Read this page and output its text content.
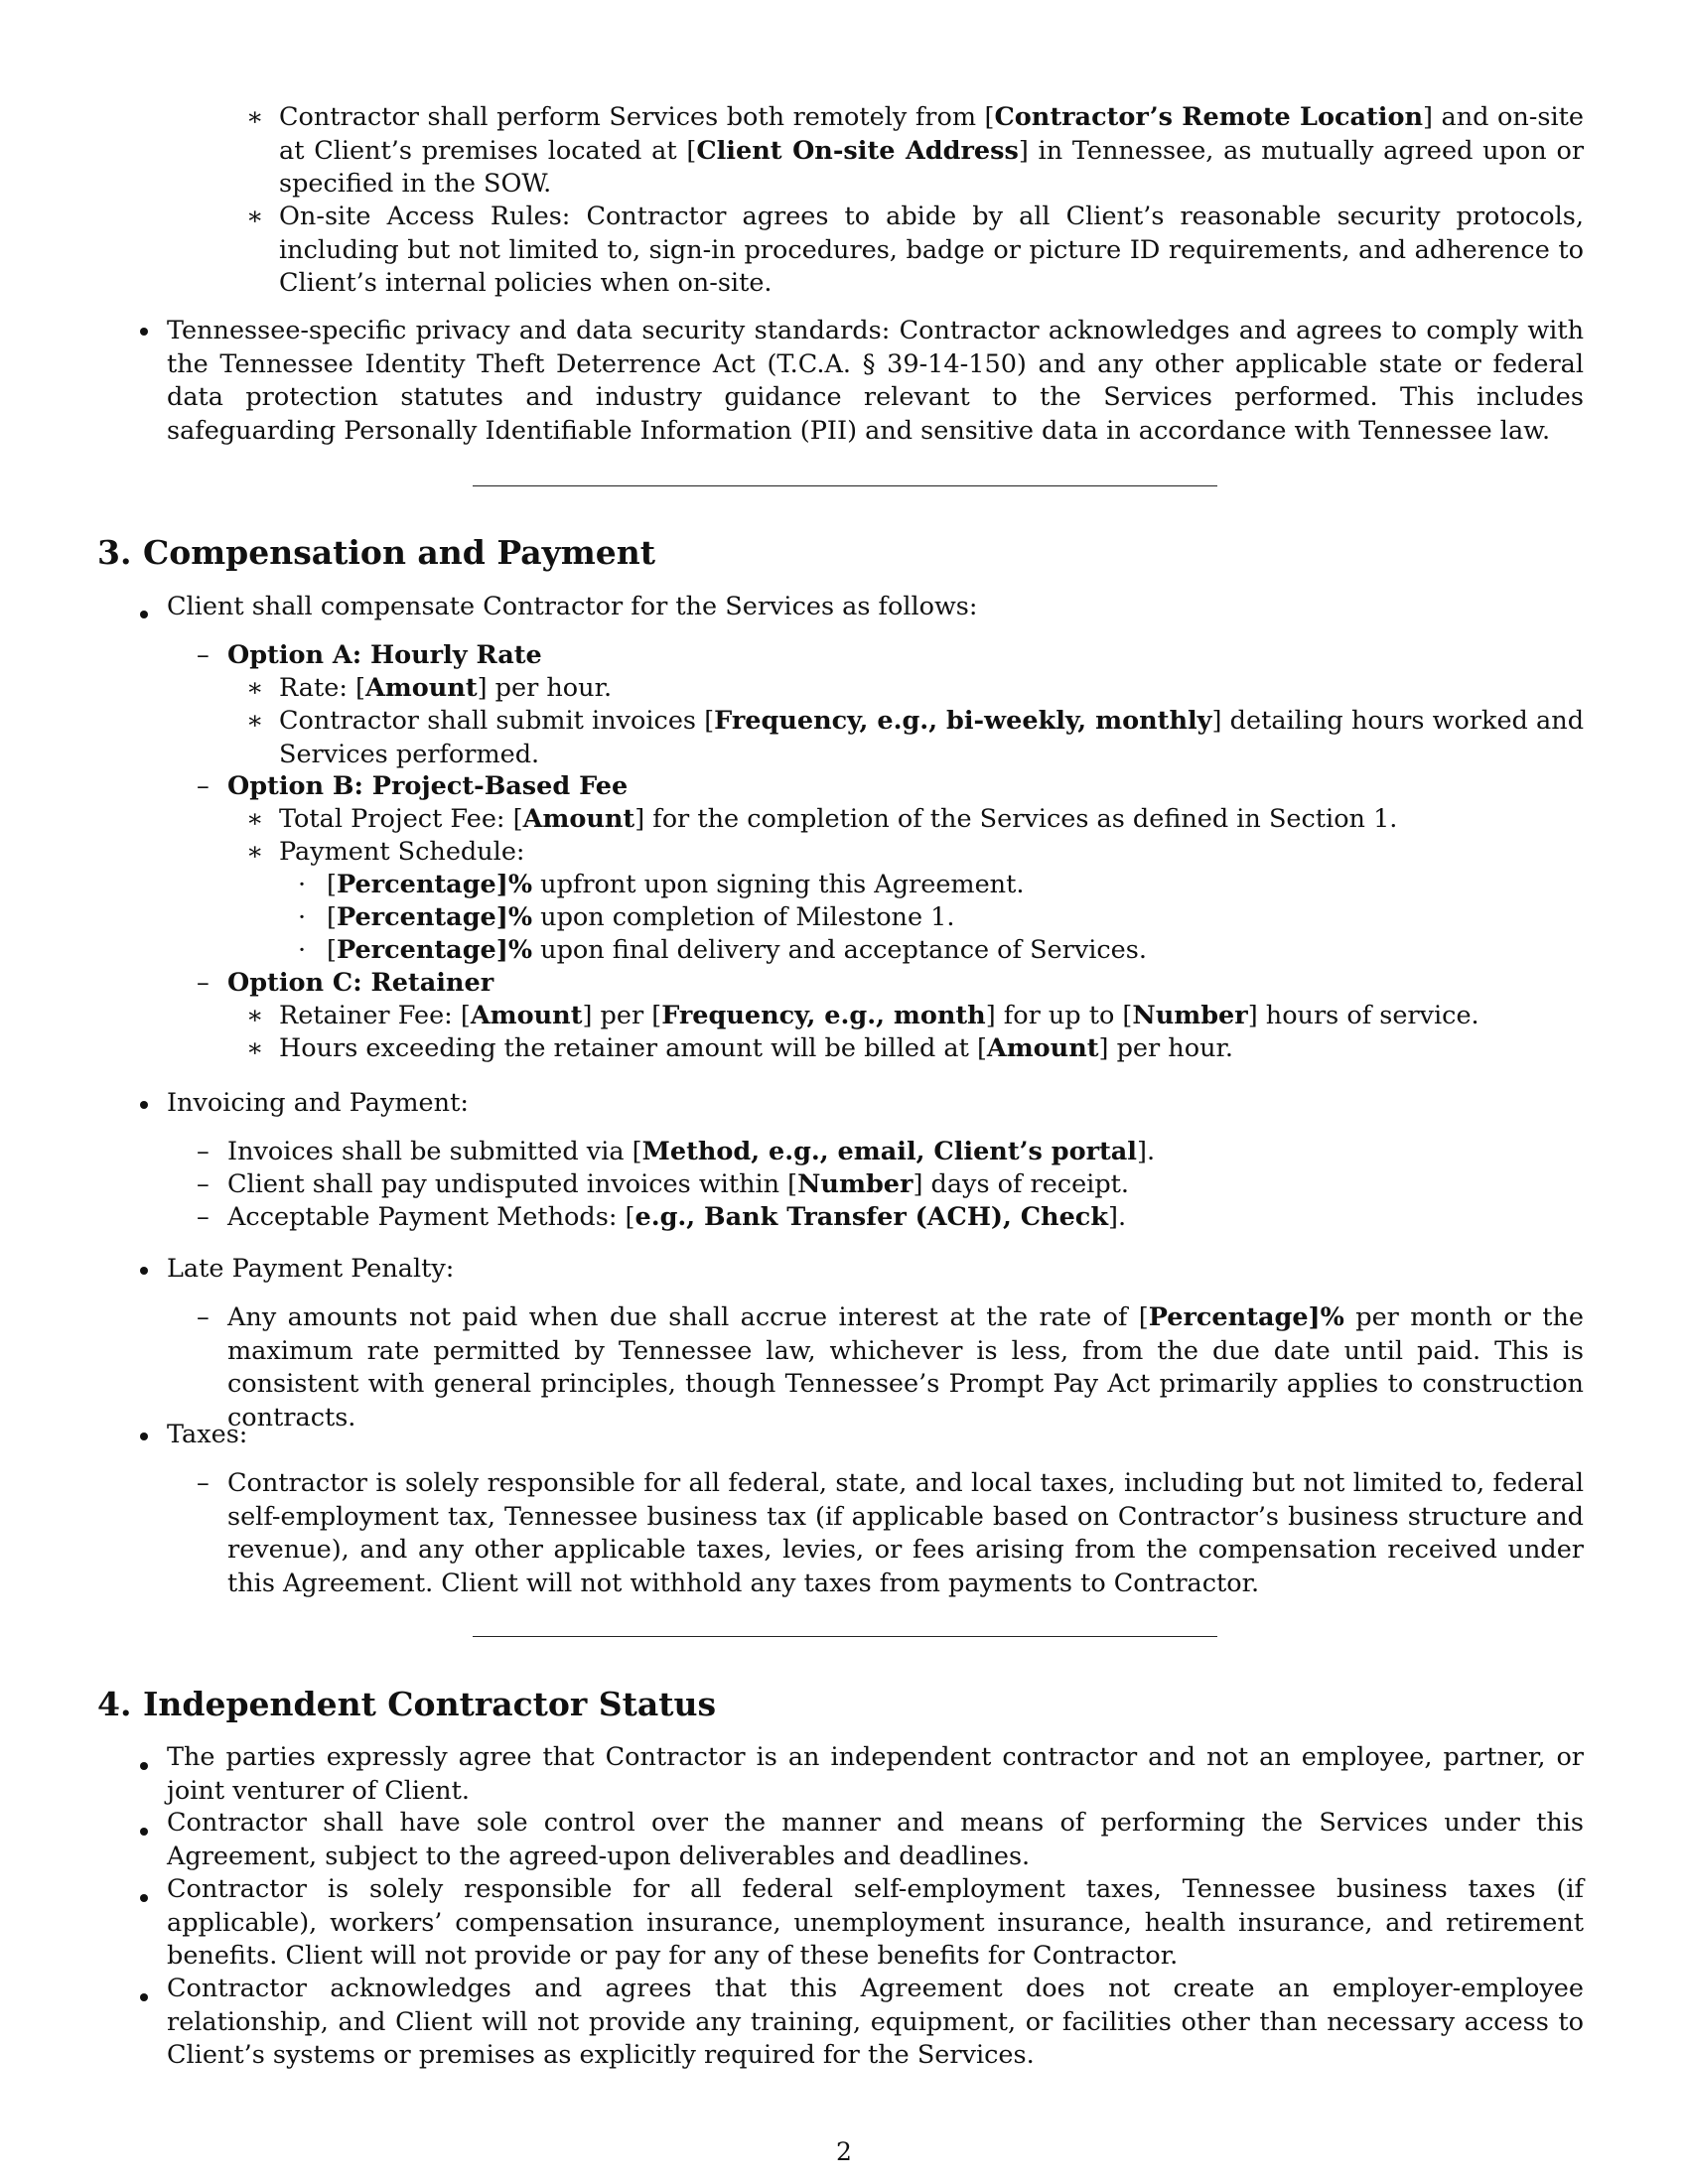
∗ Contractor shall perform Services both remotely from [Contractor’s Remote Location] and on-site at Client’s premises located at [Client On-site Address] in Tennessee, as mutually agreed upon or specified in the SOW.

∗ On-site Access Rules: Contractor agrees to abide by all Client’s reasonable security protocols, including but not limited to, sign-in procedures, badge or picture ID requirements, and adherence to Client’s internal policies when on-site.

Tennessee-specific privacy and data security standards: Contractor acknowledges and agrees to comply with the Tennessee Identity Theft Deterrence Act (T.C.A. § 39-14-150) and any other applicable state or federal data protection statutes and industry guidance relevant to the Services performed. This includes safeguarding Personally Identifiable Information (PII) and sensitive data in accordance with Tennessee law.

3. Compensation and Payment

Client shall compensate Contractor for the Services as follows:

– Option A: Hourly Rate

∗ Rate: [Amount] per hour.

∗ Contractor shall submit invoices [Frequency, e.g., bi-weekly, monthly] detailing hours worked and Services performed.

– Option B: Project-Based Fee

∗ Total Project Fee: [Amount] for the completion of the Services as defined in Section 1.

∗ Payment Schedule:

· [Percentage]% upfront upon signing this Agreement.

· [Percentage]% upon completion of Milestone 1.

· [Percentage]% upon final delivery and acceptance of Services.

– Option C: Retainer

∗ Retainer Fee: [Amount] per [Frequency, e.g., month] for up to [Number] hours of service.

∗ Hours exceeding the retainer amount will be billed at [Amount] per hour.

Invoicing and Payment:

– Invoices shall be submitted via [Method, e.g., email, Client’s portal].

– Client shall pay undisputed invoices within [Number] days of receipt.

– Acceptable Payment Methods: [e.g., Bank Transfer (ACH), Check].

Late Payment Penalty:

– Any amounts not paid when due shall accrue interest at the rate of [Percentage]% per month or the maximum rate permitted by Tennessee law, whichever is less, from the due date until paid. This is consistent with general principles, though Tennessee’s Prompt Pay Act primarily applies to construction contracts.

Taxes:

– Contractor is solely responsible for all federal, state, and local taxes, including but not limited to, federal self-employment tax, Tennessee business tax (if applicable based on Contractor’s business structure and revenue), and any other applicable taxes, levies, or fees arising from the compensation received under this Agreement. Client will not withhold any taxes from payments to Contractor.

4. Independent Contractor Status

The parties expressly agree that Contractor is an independent contractor and not an employee, partner, or joint venturer of Client.

Contractor shall have sole control over the manner and means of performing the Services under this Agreement, subject to the agreed-upon deliverables and deadlines.

Contractor is solely responsible for all federal self-employment taxes, Tennessee business taxes (if applicable), workers’ compensation insurance, unemployment insurance, health insurance, and retirement benefits. Client will not provide or pay for any of these benefits for Contractor.

Contractor acknowledges and agrees that this Agreement does not create an employer-employee relationship, and Client will not provide any training, equipment, or facilities other than necessary access to Client’s systems or premises as explicitly required for the Services.

2
